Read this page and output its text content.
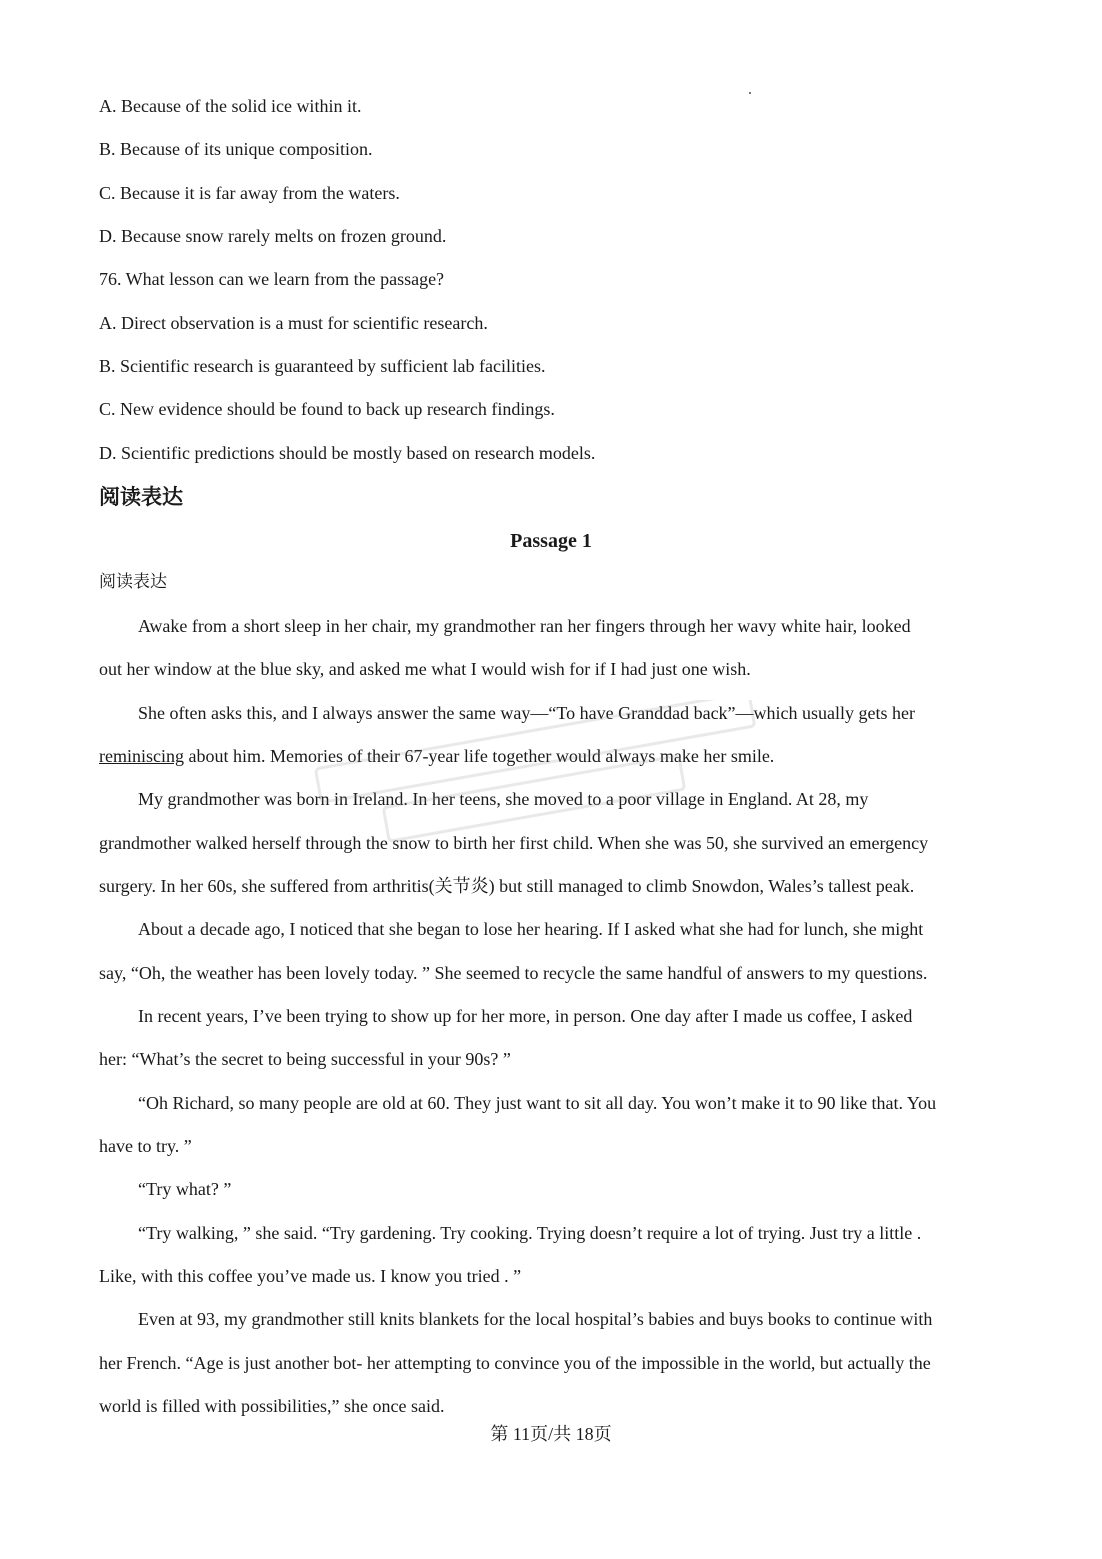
A. Because of the solid ice within it.
B. Because of its unique composition.
C. Because it is far away from the waters.
D. Because snow rarely melts on frozen ground.
76. What lesson can we learn from the passage?
A. Direct observation is a must for scientific research.
B. Scientific research is guaranteed by sufficient lab facilities.
C. New evidence should be found to back up research findings.
D. Scientific predictions should be mostly based on research models.
阅读表达
Passage 1
阅读表达
Awake from a short sleep in her chair, my grandmother ran her fingers through her wavy white hair, looked
out her window at the blue sky, and asked me what I would wish for if I had just one wish.
She often asks this, and I always answer the same way—“To have Granddad back”—which usually gets her
reminiscing about him. Memories of their 67-year life together would always make her smile.
My grandmother was born in Ireland. In her teens, she moved to a poor village in England. At 28, my
grandmother walked herself through the snow to birth her first child. When she was 50, she survived an emergency
surgery. In her 60s, she suffered from arthritis(关节炎) but still managed to climb Snowdon, Wales’s tallest peak.
About a decade ago, I noticed that she began to lose her hearing. If I asked what she had for lunch, she might
say, “Oh, the weather has been lovely today. ” She seemed to recycle the same handful of answers to my questions.
In recent years, I’ve been trying to show up for her more, in person. One day after I made us coffee, I asked
her: “What’s the secret to being successful in your 90s? ”
“Oh Richard, so many people are old at 60. They just want to sit all day. You won’t make it to 90 like that. You
have to try. ”
“Try what? ”
“Try walking, ” she said. “Try gardening. Try cooking. Trying doesn’t require a lot of trying. Just try a little .
Like, with this coffee you’ve made us. I know you tried . ”
Even at 93, my grandmother still knits blankets for the local hospital’s babies and buys books to continue with
her French. “Age is just another bot- her attempting to convince you of the impossible in the world, but actually the
world is filled with possibilities,” she once said.
第 11页/共 18页
